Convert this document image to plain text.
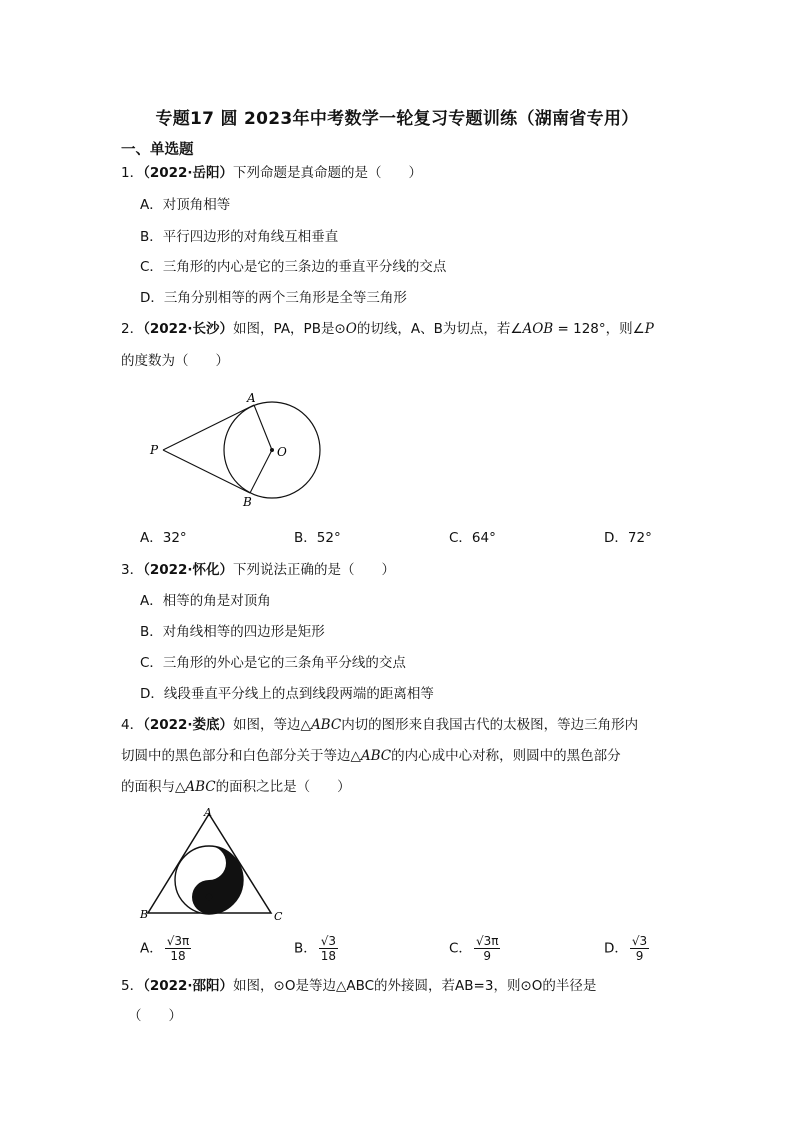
专题17 圆 2023年中考数学一轮复习专题训练（湖南省专用）
一、单选题
1．（2022·岳阳）下列命题是真命题的是（　　）
A．对顶角相等
B．平行四边形的对角线互相垂直
C．三角形的内心是它的三条边的垂直平分线的交点
D．三角分别相等的两个三角形是全等三角形
2．（2022·长沙）如图，PA，PB是⊙O的切线，A、B为切点，若∠AOB = 128°，则∠P
的度数为（　　）
A
B
P	O
A．32°	B．52°	C．64°	D．72°
3．（2022·怀化）下列说法正确的是（　　）
A．相等的角是对顶角
B．对角线相等的四边形是矩形
C．三角形的外心是它的三条角平分线的交点
D．线段垂直平分线上的点到线段两端的距离相等
4．（2022·娄底）如图，等边△ABC内切的图形来自我国古代的太极图，等边三角形内
切圆中的黑色部分和白色部分关于等边△ABC的内心成中心对称，则圆中的黑色部分
的面积与△ABC的面积之比是（　　）
A
B	C
A． $\frac{√3\pi}{18}$	B． $\frac{√3}{18}$	C． $\frac{√3\pi}{9}$	D． $\frac{√3}{9}$
5．（2022·邵阳）如图，⊙O是等边△ABC的外接圆，若AB=3，则⊙O的半径是
（　　）
